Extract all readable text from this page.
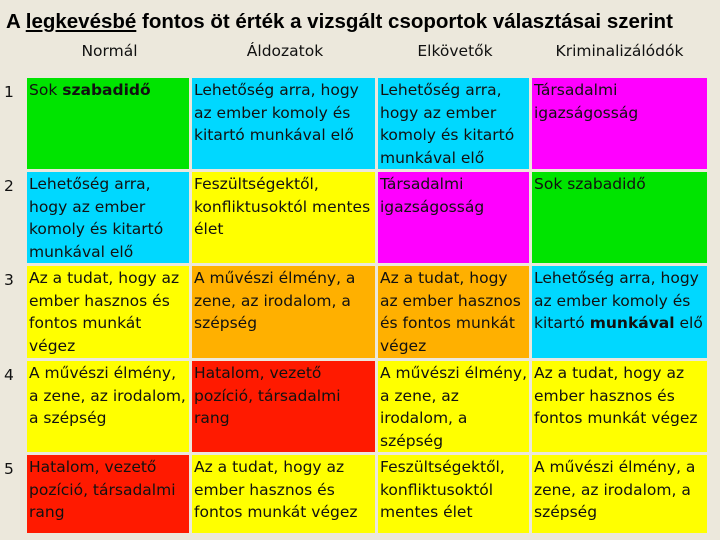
A legkevésbé fontos öt érték a vizsgált csoportok választásai szerint
	Normál	Áldozatok	Elkövetők	Kriminalizálódók
1	Sok szabadidő	Lehetőség arra, hogy az ember komoly és kitartó munkával elő	Lehetőség arra, hogy az ember komoly és kitartó munkával elő	Társadalmi igazságosság
2	Lehetőség arra, hogy az ember komoly és kitartó munkával elő	Feszültségektől, konfliktusoktól mentes élet	Társadalmi igazságosság	Sok szabadidő
3	Az a tudat, hogy az ember hasznos és fontos munkát végez	A művészi élmény, a zene, az irodalom, a szépség	Az a tudat, hogy az ember hasznos és fontos munkát végez	Lehetőség arra, hogy az ember komoly és kitartó munkával elő
4	A művészi élmény, a zene, az irodalom, a szépség	Hatalom, vezető pozíció, társadalmi rang	A művészi élmény, a zene, az irodalom, a szépség	Az a tudat, hogy az ember hasznos és fontos munkát végez
5	Hatalom, vezető pozíció, társadalmi rang	Az a tudat, hogy az ember hasznos és fontos munkát végez	Feszültségektől, konfliktusoktól mentes élet	A művészi élmény, a zene, az irodalom, a szépség
